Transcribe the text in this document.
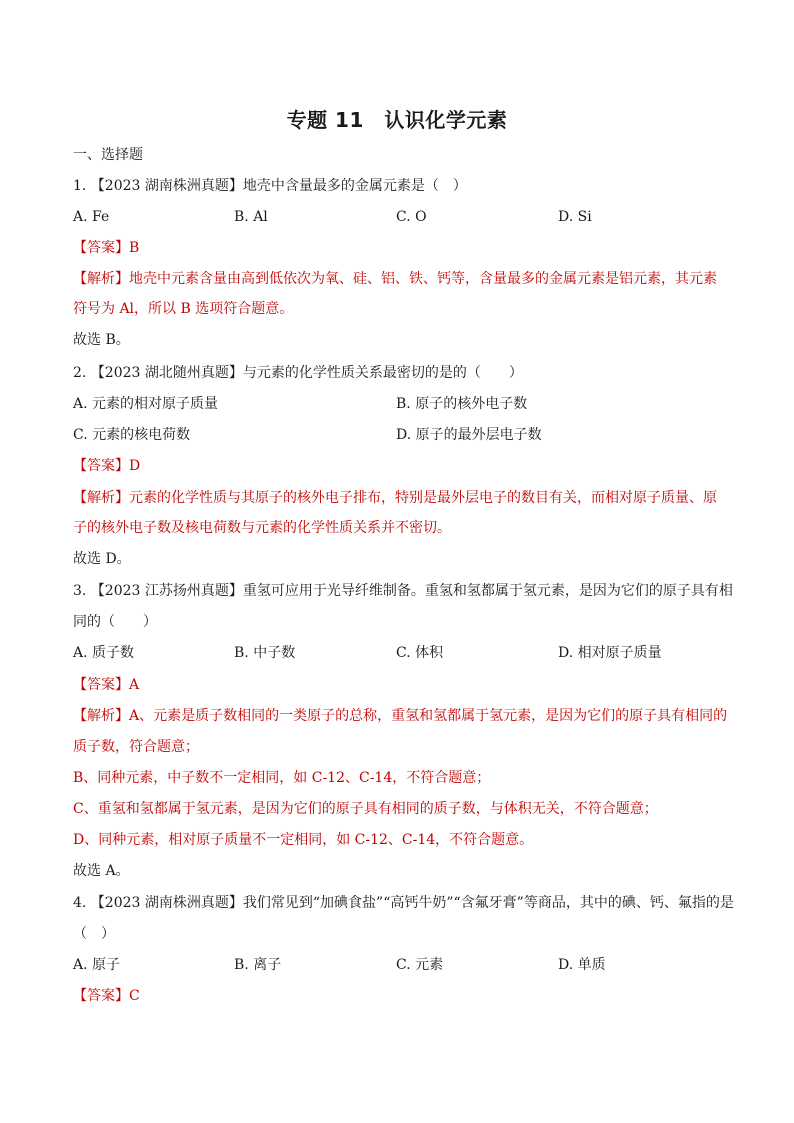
专题 11　认识化学元素
一、选择题
1. 【2023 湖南株洲真题】地壳中含量最多的金属元素是（　）
A. Fe	B. Al	C. O	D. Si
【答案】B
【解析】地壳中元素含量由高到低依次为氧、硅、铝、铁、钙等，含量最多的金属元素是铝元素，其元素
符号为 Al，所以 B 选项符合题意。
故选 B。
2. 【2023 湖北随州真题】与元素的化学性质关系最密切的是的（　　）
A. 元素的相对原子质量	B. 原子的核外电子数
C. 元素的核电荷数	D. 原子的最外层电子数
【答案】D
【解析】元素的化学性质与其原子的核外电子排布，特别是最外层电子的数目有关，而相对原子质量、原
子的核外电子数及核电荷数与元素的化学性质关系并不密切。
故选 D。
3. 【2023 江苏扬州真题】重氢可应用于光导纤维制备。重氢和氢都属于氢元素，是因为它们的原子具有相
同的（　　）
A. 质子数	B. 中子数	C. 体积	D. 相对原子质量
【答案】A
【解析】A、元素是质子数相同的一类原子的总称，重氢和氢都属于氢元素，是因为它们的原子具有相同的
质子数，符合题意；
B、同种元素，中子数不一定相同，如 C-12、C-14，不符合题意；
C、重氢和氢都属于氢元素，是因为它们的原子具有相同的质子数，与体积无关，不符合题意；
D、同种元素，相对原子质量不一定相同，如 C-12、C-14，不符合题意。
故选 A。
4. 【2023 湖南株洲真题】我们常见到“加碘食盐”“高钙牛奶”“含氟牙膏”等商品，其中的碘、钙、氟指的是
（　）
A. 原子	B. 离子	C. 元素	D. 单质
【答案】C
